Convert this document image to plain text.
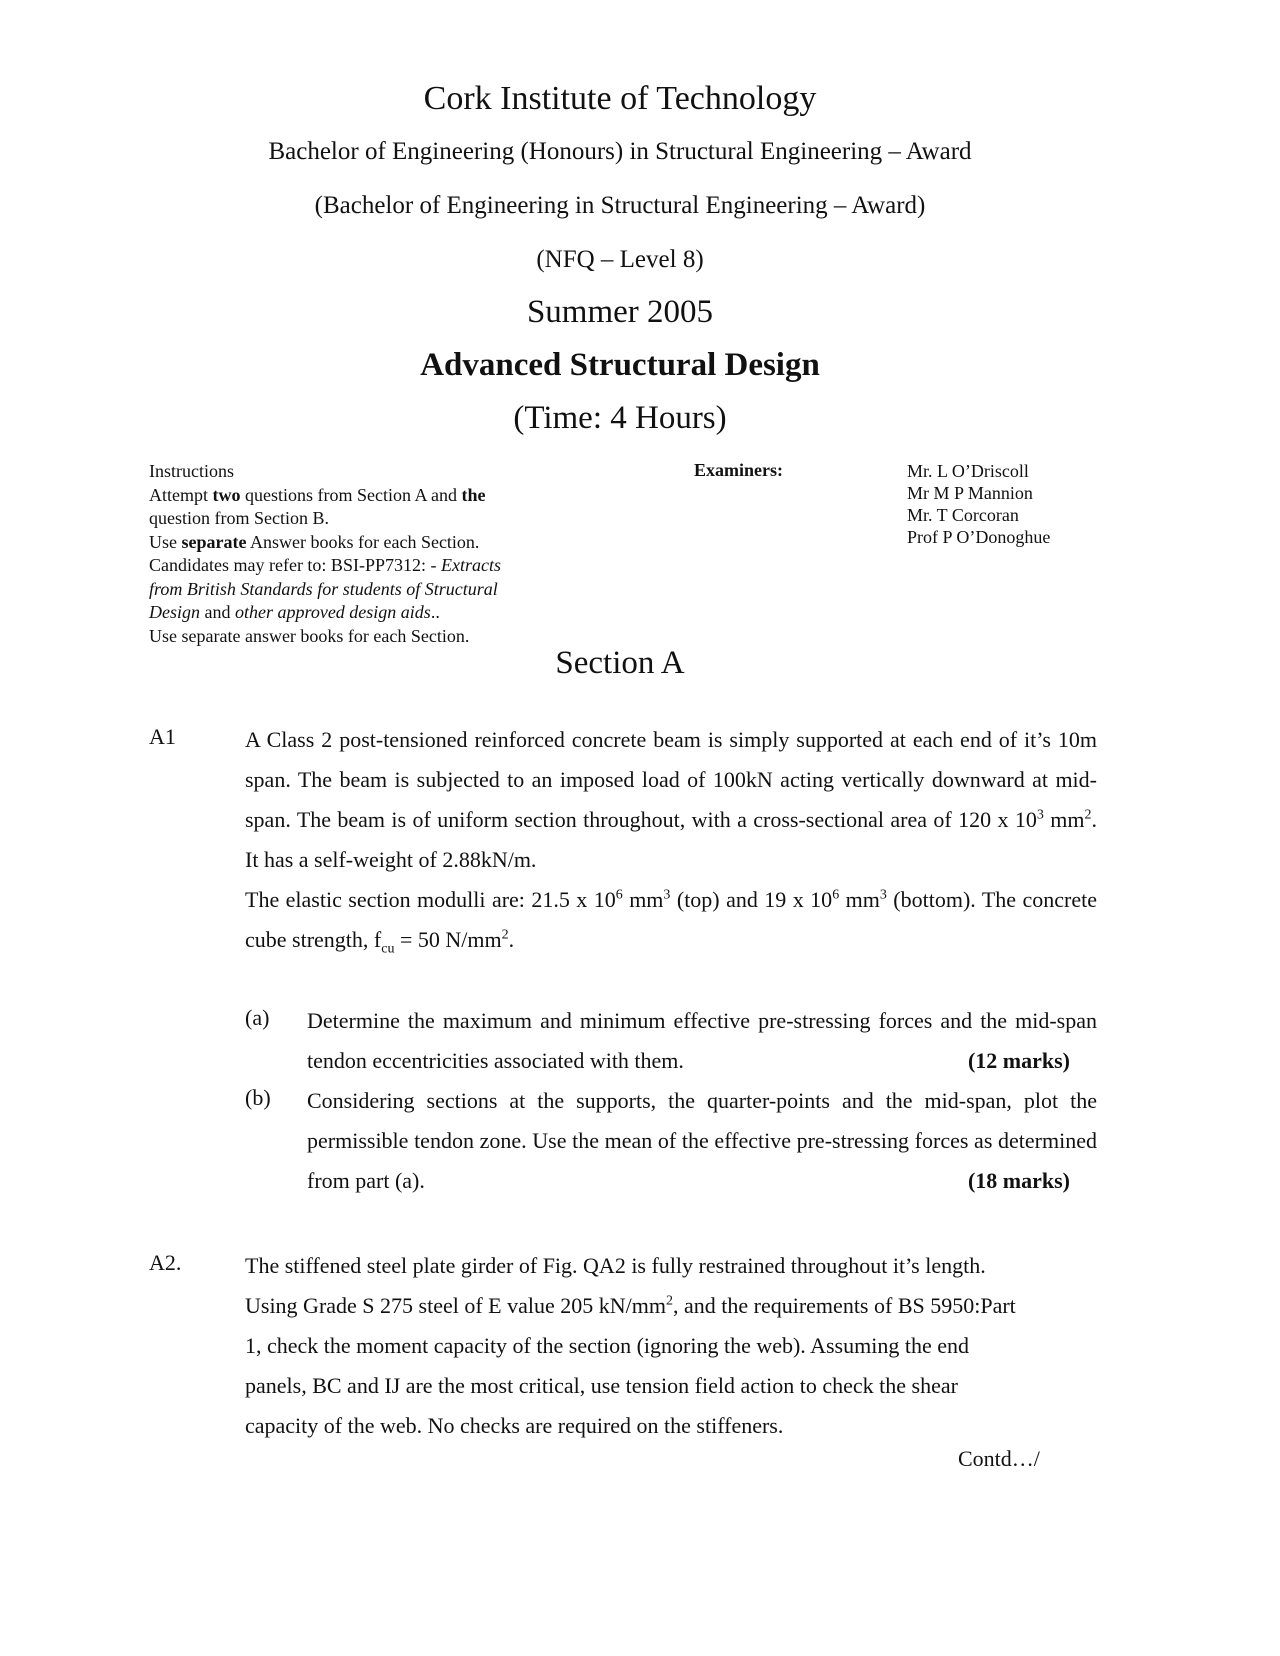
Cork Institute of Technology
Bachelor of Engineering (Honours) in Structural Engineering – Award
(Bachelor of Engineering in Structural Engineering – Award)
(NFQ – Level 8)
Summer 2005
Advanced Structural Design
(Time: 4 Hours)
Instructions
Attempt two questions from Section A and the
question from Section B.
Use separate Answer books for each Section.
Candidates may refer to: BSI-PP7312: - Extracts
from British Standards for students of Structural
Design and other approved design aids..
Use separate answer books for each Section.
Examiners:	Mr. L O’Driscoll
Mr M P Mannion
Mr. T Corcoran
Prof P O’Donoghue
Section A
A1	A Class 2 post-tensioned reinforced concrete beam is simply supported at each end of it’s 10m span. The beam is subjected to an imposed load of 100kN acting vertically downward at mid-span. The beam is of uniform section throughout, with a cross-sectional area of 120 x $10^3$ $mm^2$. It has a self-weight of 2.88kN/m.

The elastic section modulli are: 21.5 x $10^6$ $mm^3$ (top) and 19 x $10^6$ $mm^3$ (bottom). The concrete cube strength, $f_{cu} = 50$ $N/mm^2$.

(a) Determine the maximum and minimum effective pre-stressing forces and the mid-span tendon eccentricities associated with them.	(12 marks)
(b) Considering sections at the supports, the quarter-points and the mid-span, plot the permissible tendon zone. Use the mean of the effective pre-stressing forces as determined from part (a).	(18 marks)
A2.	The stiffened steel plate girder of Fig. QA2 is fully restrained throughout it’s length.
Using Grade S 275 steel of E value 205 $kN/mm^2$, and the requirements of BS 5950:Part
1, check the moment capacity of the section (ignoring the web). Assuming the end
panels, BC and IJ are the most critical, use tension field action to check the shear
capacity of the web. No checks are required on the stiffeners.
Contd…/
